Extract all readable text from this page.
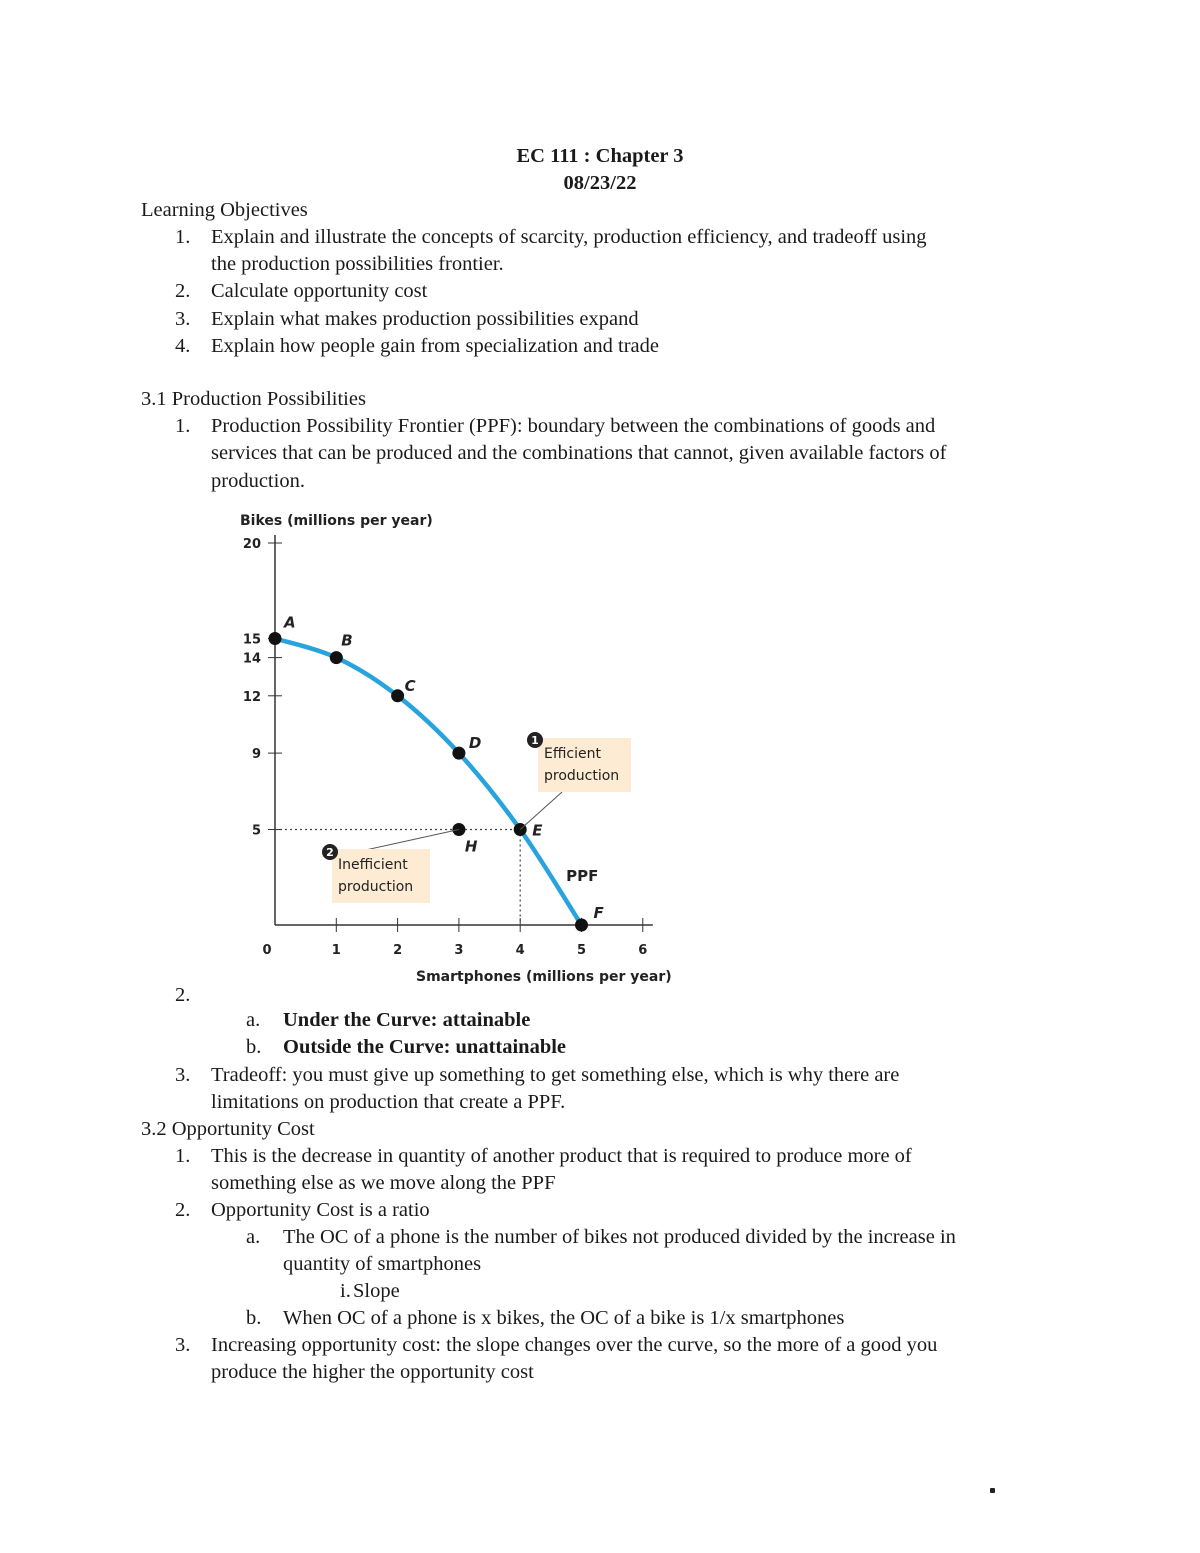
EC 111 : Chapter 3
08/23/22
Learning Objectives
1. Explain and illustrate the concepts of scarcity, production efficiency, and tradeoff using
the production possibilities frontier.
2. Calculate opportunity cost
3. Explain what makes production possibilities expand
4. Explain how people gain from specialization and trade
3.1 Production Possibilities
1. Production Possibility Frontier (PPF): boundary between the combinations of goods and
services that can be produced and the combinations that cannot, given available factors of
production.
Bikes (millions per year)
Smartphones (millions per year)
20
15
14
12
9
5
0	1	2	3	4	5	6
PPF
A
B
C
D
E
F
H
Efficient
production
1
Inefficient
production
2
2.
a. Under the Curve: attainable
b. Outside the Curve: unattainable
3. Tradeoff: you must give up something to get something else, which is why there are
limitations on production that create a PPF.
3.2 Opportunity Cost
1. This is the decrease in quantity of another product that is required to produce more of
something else as we move along the PPF
2. Opportunity Cost is a ratio
a. The OC of a phone is the number of bikes not produced divided by the increase in
quantity of smartphones
i. Slope
b. When OC of a phone is x bikes, the OC of a bike is 1/x smartphones
3. Increasing opportunity cost: the slope changes over the curve, so the more of a good you
produce the higher the opportunity cost
